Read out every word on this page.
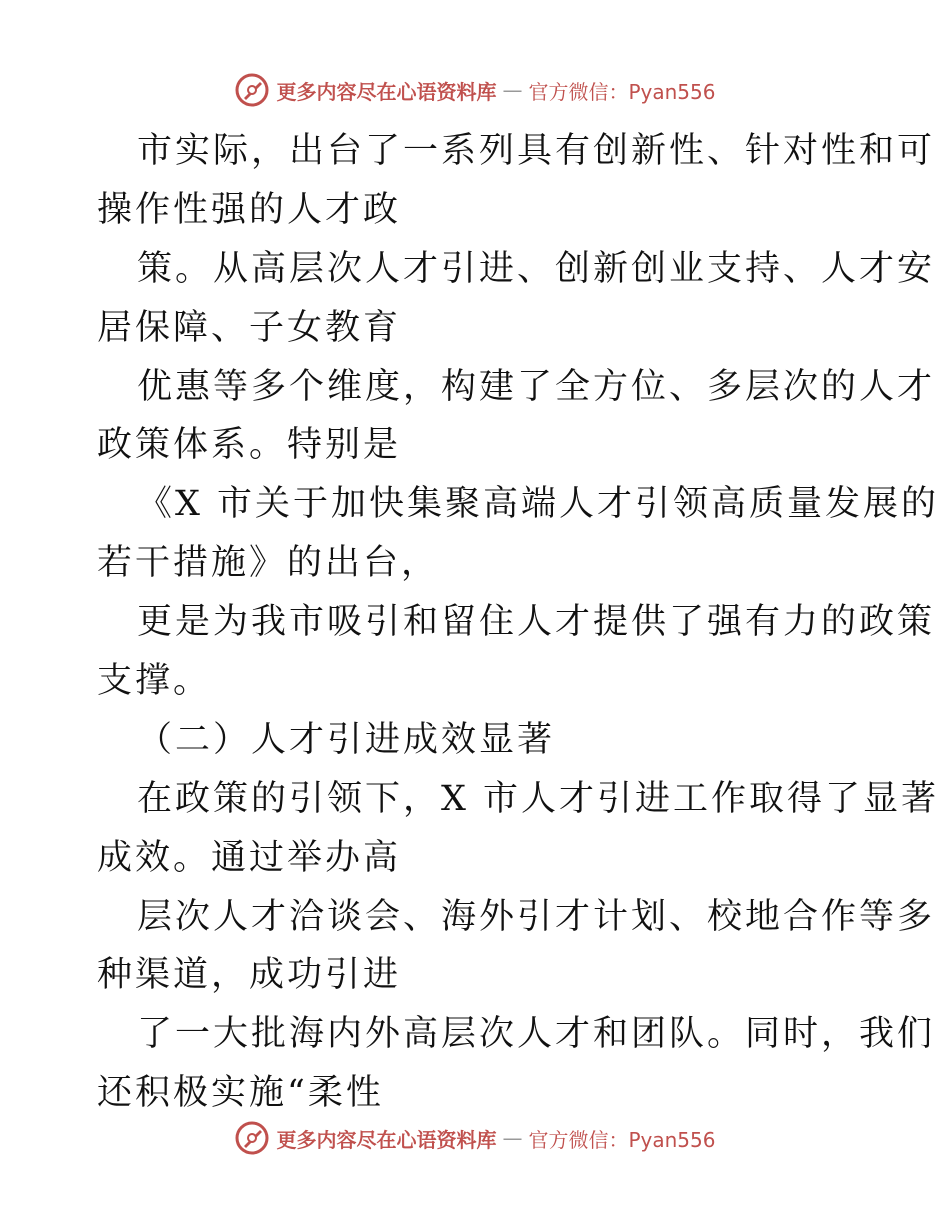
更多内容尽在心语资料库 — 官方微信：Pyan556
市实际，出台了一系列具有创新性、针对性和可
操作性强的人才政
策。从高层次人才引进、创新创业支持、人才安
居保障、子女教育
优惠等多个维度，构建了全方位、多层次的人才
政策体系。特别是
《X 市关于加快集聚高端人才引领高质量发展的
若干措施》的出台，
更是为我市吸引和留住人才提供了强有力的政策
支撑。
（二）人才引进成效显著
在政策的引领下，X 市人才引进工作取得了显著
成效。通过举办高
层次人才洽谈会、海外引才计划、校地合作等多
种渠道，成功引进
了一大批海内外高层次人才和团队。同时，我们
还积极实施“柔性
更多内容尽在心语资料库 — 官方微信：Pyan556
